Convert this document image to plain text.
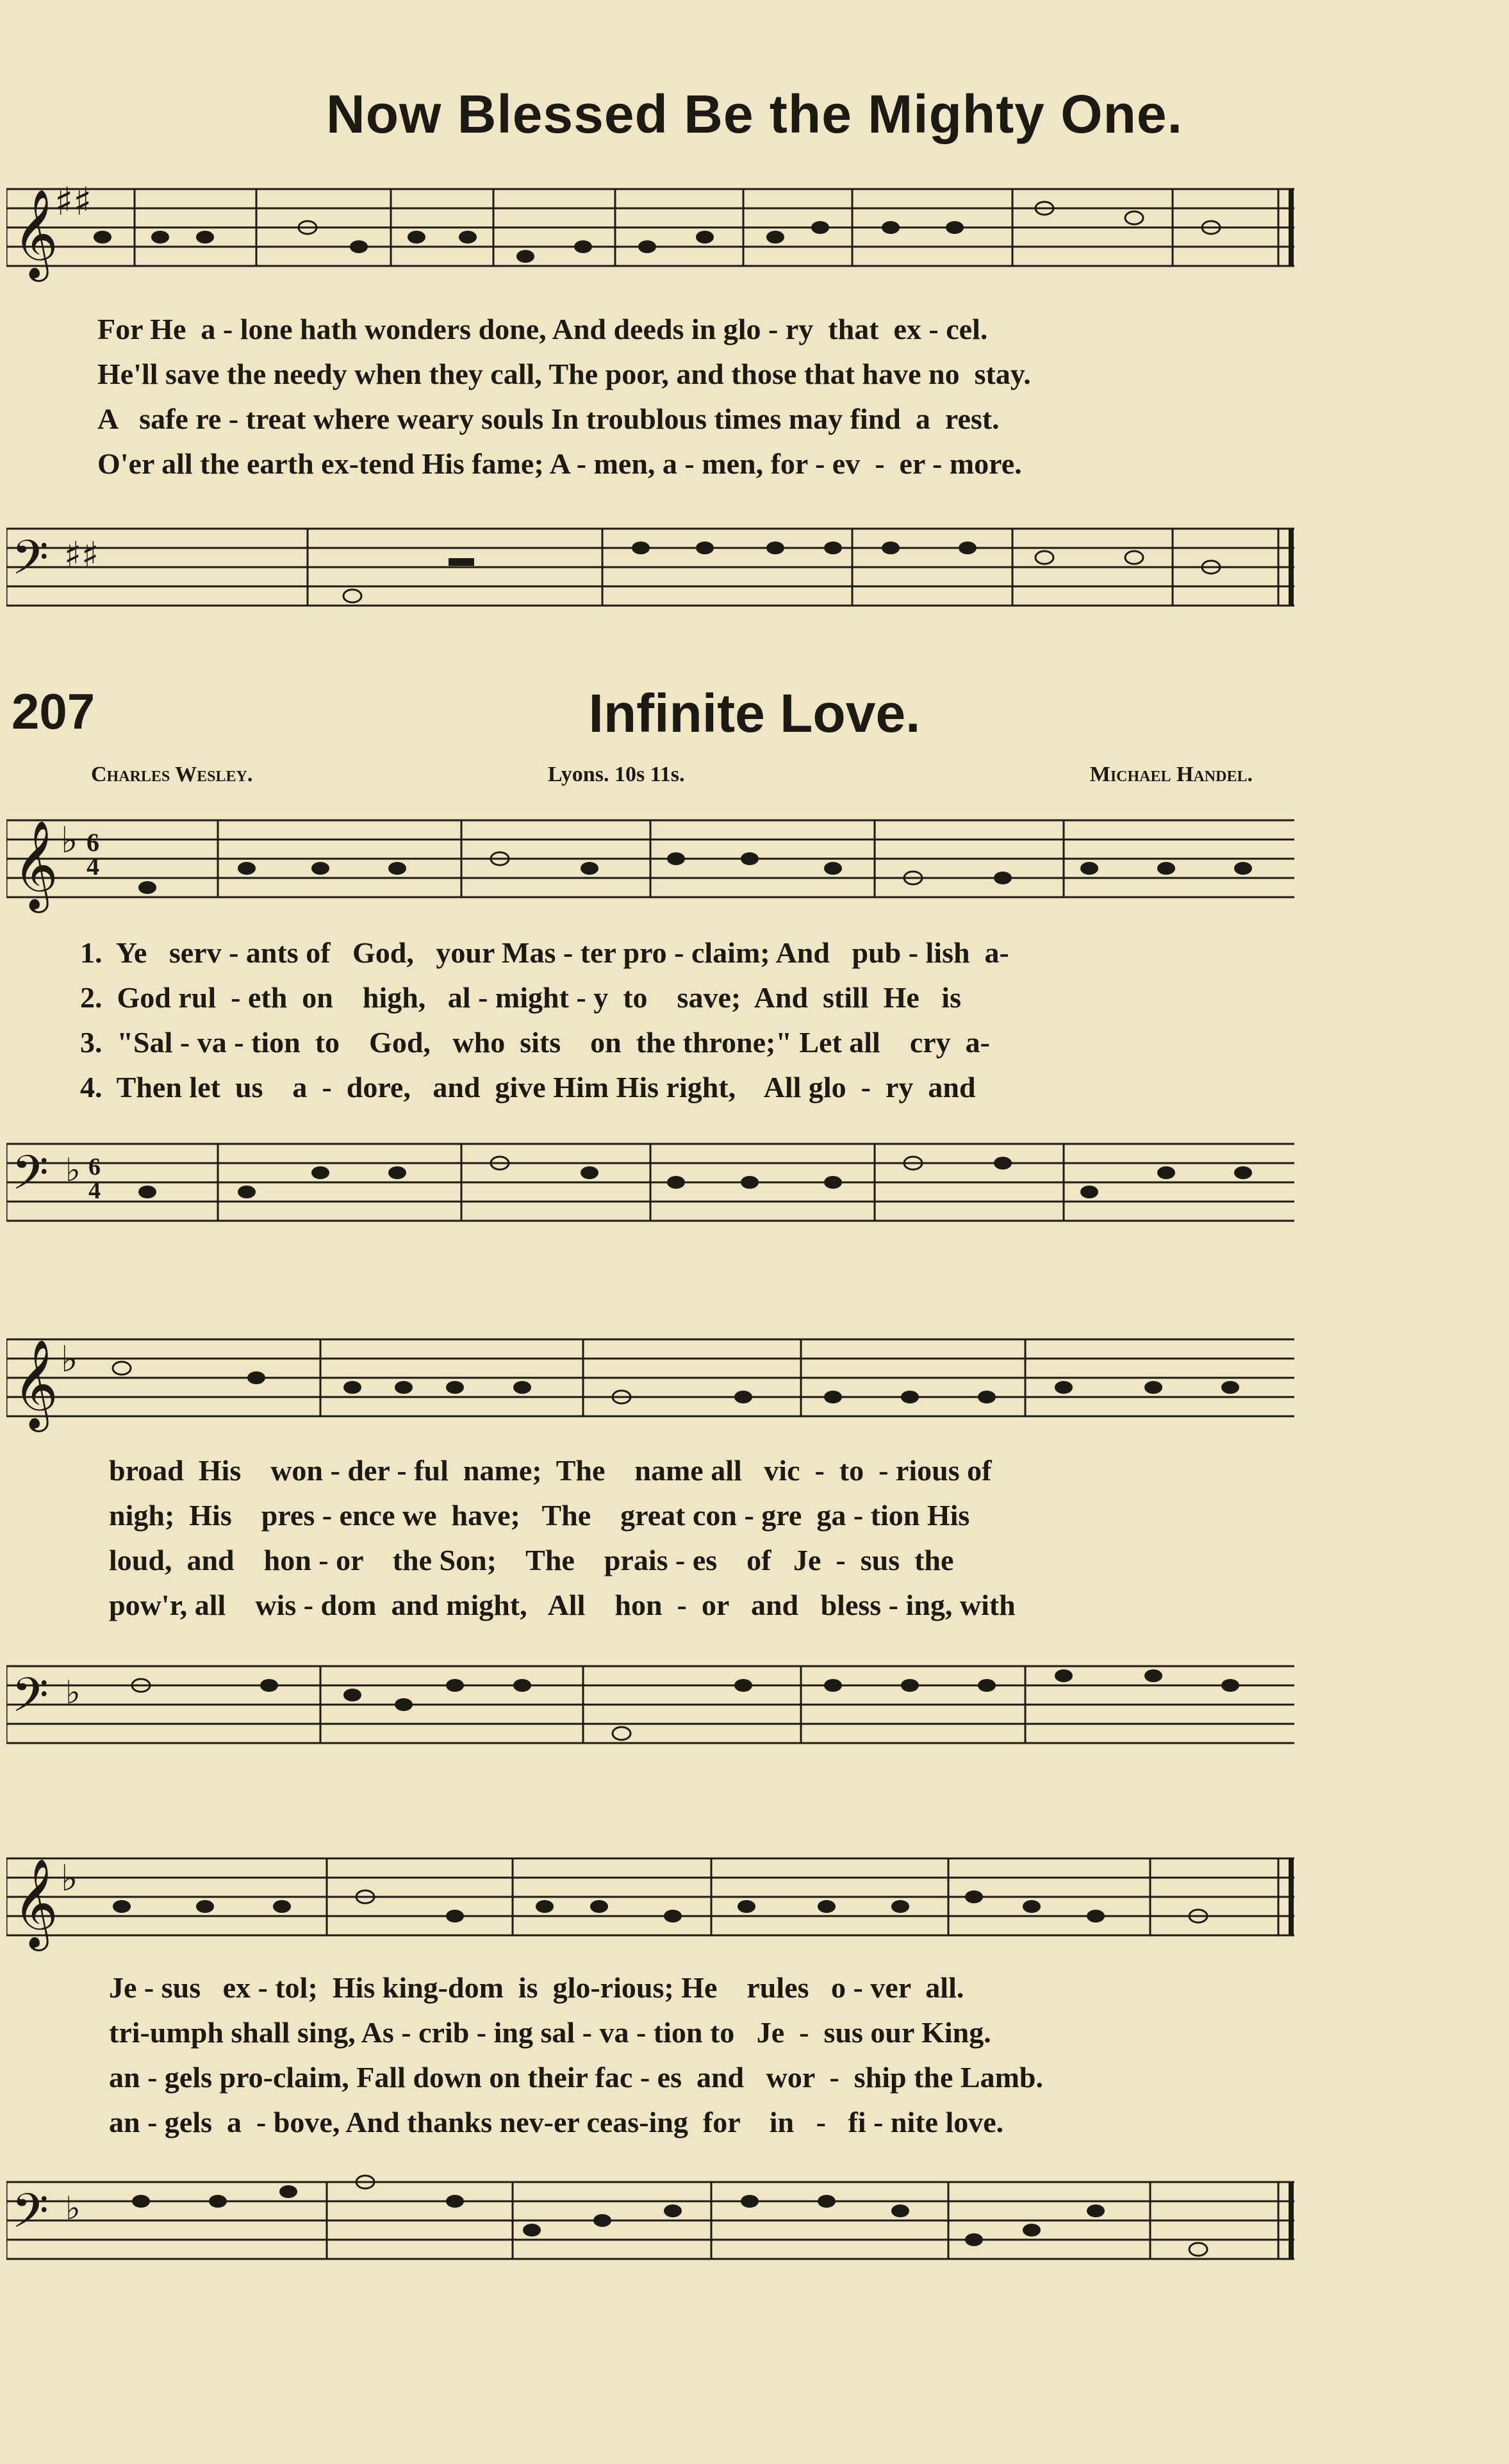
Now Blessed Be the Mighty One.
𝄞
♯♯
For He  a - lone hath wonders done, And deeds in glo - ry  that  ex - cel.
He'll save the needy when they call, The poor, and those that have no  stay.
A   safe re - treat where weary souls In troublous times may find  a  rest.
O'er all the earth ex-tend His fame; A - men, a - men, for - ev  -  er - more.
𝄢 ♯♯
207	Infinite Love.
Charles Wesley.	Lyons. 10s 11s.	Michael Handel.
𝄞 ♭ 6
4
1.  Ye   serv - ants of   God,   your Mas - ter pro - claim; And   pub - lish  a-
2.  God rul  - eth  on    high,   al - might - y  to    save;  And  still  He   is
3.  "Sal - va - tion  to    God,   who  sits    on  the throne;" Let all    cry  a-
4.  Then let  us    a  -  dore,   and  give Him His right,    All glo  -  ry  and
𝄢 ♭ 6
4
𝄞 ♭
broad  His    won - der - ful  name;  The    name all   vic  -  to  - rious of
nigh;  His    pres - ence we  have;   The    great con - gre  ga - tion His
loud,  and    hon - or    the Son;    The    prais - es    of   Je  -  sus  the
pow'r, all    wis - dom  and might,   All    hon  -  or   and   bless - ing, with
𝄢 ♭
𝄞 ♭
Je - sus   ex - tol;  His king-dom  is  glo-rious; He    rules   o - ver  all.
tri-umph shall sing, As - crib - ing sal - va - tion to   Je  -  sus our King.
an - gels pro-claim, Fall down on their fac - es  and   wor  -  ship the Lamb.
an - gels  a  - bove, And thanks nev-er ceas-ing  for    in   -   fi - nite love.
𝄢 ♭
